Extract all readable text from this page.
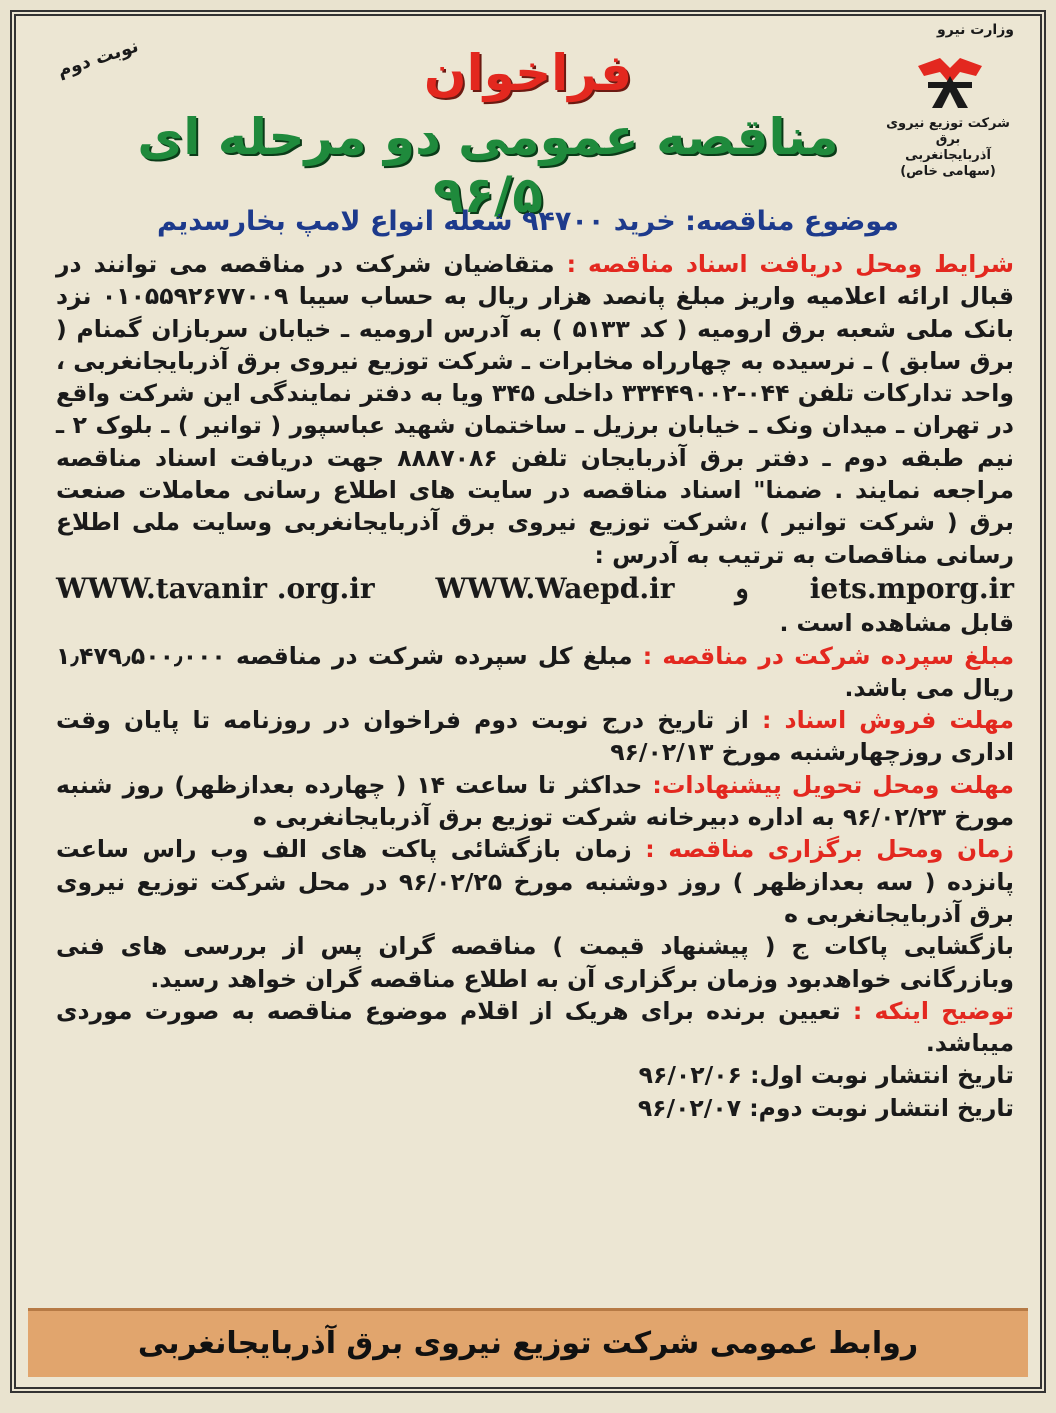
وزارت نیرو
شرکت توزیع نیروی برق
آذربایجانغربی
(سهامی خاص)
نوبت دوم	فراخوان
مناقصه عمومی دو مرحله ای ۹۶/۵
موضوع مناقصه: خرید ۹۴۷۰۰ شعله انواع لامپ بخارسدیم

شرایط ومحل دریافت اسناد مناقصه : متقاضیان شرکت در مناقصه می توانند در قبال ارائه اعلامیه واریز مبلغ پانصد هزار ریال به حساب سیبا ۰۱۰۵۵۹۲۶۷۷۰۰۹ نزد بانک ملی شعبه برق ارومیه ( کد ۵۱۳۳ ) به آدرس ارومیه ـ خیابان سربازان گمنام ( برق سابق ) ـ نرسیده به چهارراه مخابرات ـ شرکت توزیع نیروی برق آذربایجانغربی ، واحد تدارکات تلفن ۰۴۴-۳۳۴۴۹۰۰۲ داخلی ۳۴۵ ویا به دفتر نمایندگی این شرکت واقع در تهران ـ میدان ونک ـ خیابان برزیل ـ ساختمان شهید عباسپور ( توانیر ) ـ بلوک ۲ ـ نیم طبقه دوم ـ دفتر برق آذربایجان تلفن ۸۸۸۷۰۸۶ جهت دریافت اسناد مناقصه مراجعه نمایند . ضمنا" اسناد مناقصه در سایت های اطلاع رسانی معاملات صنعت برق ( شرکت توانیر ) ،شرکت توزیع نیروی برق آذربایجانغربی وسایت ملی اطلاع رسانی مناقصات به ترتیب به آدرس :

WWW.tavanir .org.ir WWW.Waepd.ir و iets.mporg.ir

قابل مشاهده است .

مبلغ سپرده شرکت در مناقصه : مبلغ کل سپرده شرکت در مناقصه ۱٫۴۷۹٫۵۰۰٫۰۰۰ ریال می باشد.

مهلت فروش اسناد : از تاریخ درج نوبت دوم فراخوان در روزنامه تا پایان وقت اداری روزچهارشنبه مورخ ۹۶/۰۲/۱۳

مهلت ومحل تحویل پیشنهادات: حداکثر تا ساعت ۱۴ ( چهارده بعدازظهر) روز شنبه مورخ ۹۶/۰۲/۲۳ به اداره دبیرخانه شرکت توزیع برق آذربایجانغربی ه

زمان ومحل برگزاری مناقصه : زمان بازگشائی پاکت های الف وب راس ساعت پانزده ( سه بعدازظهر ) روز دوشنبه مورخ ۹۶/۰۲/۲۵ در محل شرکت توزیع نیروی برق آذربایجانغربی ه

بازگشایی پاکات ج ( پیشنهاد قیمت ) مناقصه گران پس از بررسی های فنی وبازرگانی خواهدبود وزمان برگزاری آن به اطلاع مناقصه گران خواهد رسید.

توضیح اینکه : تعیین برنده برای هریک از اقلام موضوع مناقصه به صورت موردی میباشد.

تاریخ انتشار نوبت اول: ۹۶/۰۲/۰۶

تاریخ انتشار نوبت دوم: ۹۶/۰۲/۰۷

روابط عمومی شرکت توزیع نیروی برق آذربایجانغربی
